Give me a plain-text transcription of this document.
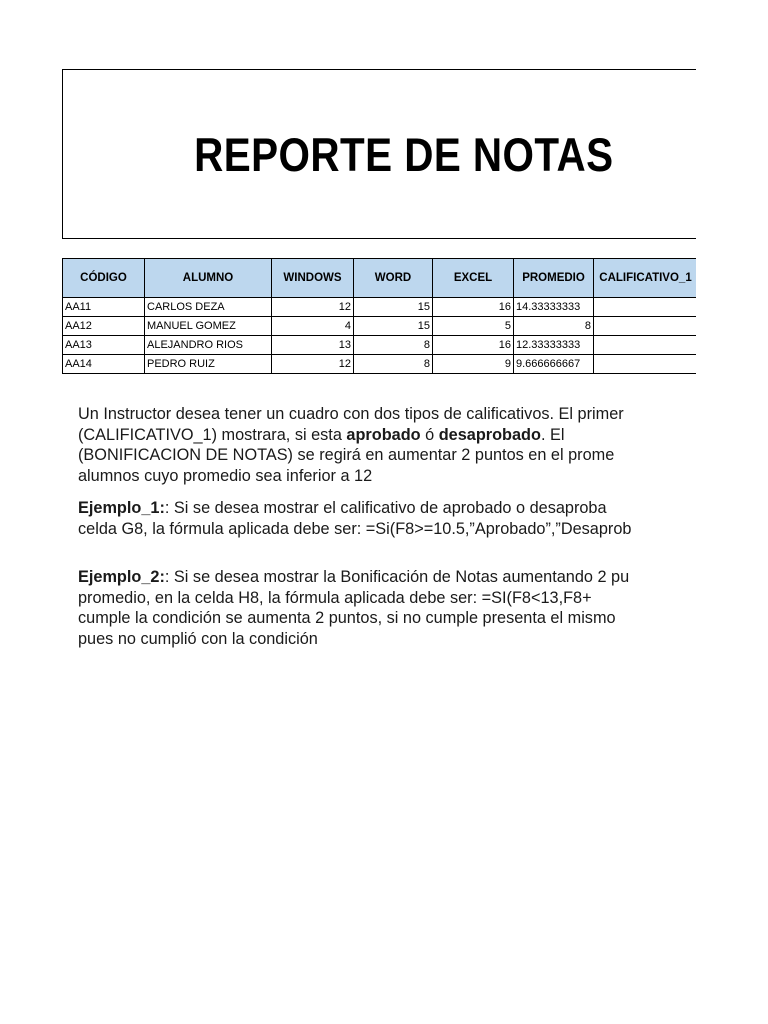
REPORTE DE NOTAS
CÓDIGO	ALUMNO	WINDOWS	WORD	EXCEL	PROMEDIO	CALIFICATIVO_1
AA11	CARLOS DEZA	12	15	16	14.33333333	
AA12	MANUEL GOMEZ	4	15	5	8	
AA13	ALEJANDRO RIOS	13	8	16	12.33333333	
AA14	PEDRO RUIZ	12	8	9	9.666666667	

Un Instructor desea tener un cuadro con dos tipos de calificativos. El primer

(CALIFICATIVO_1) mostrara, si esta aprobado ó desaprobado. El

(BONIFICACION DE NOTAS) se regirá en aumentar 2 puntos en el prome

alumnos cuyo promedio sea inferior a 12

Ejemplo_1:: Si se desea mostrar el calificativo de aprobado o desaproba

celda G8, la fórmula aplicada debe ser: =Si(F8>=10.5,”Aprobado”,”Desaprob

Ejemplo_2:: Si se desea mostrar la Bonificación de Notas aumentando 2 pu

promedio, en la celda H8, la fórmula aplicada debe ser: =SI(F8<13,F8+

cumple la condición se aumenta 2 puntos, si no cumple presenta el mismo

pues no cumplió con la condición
